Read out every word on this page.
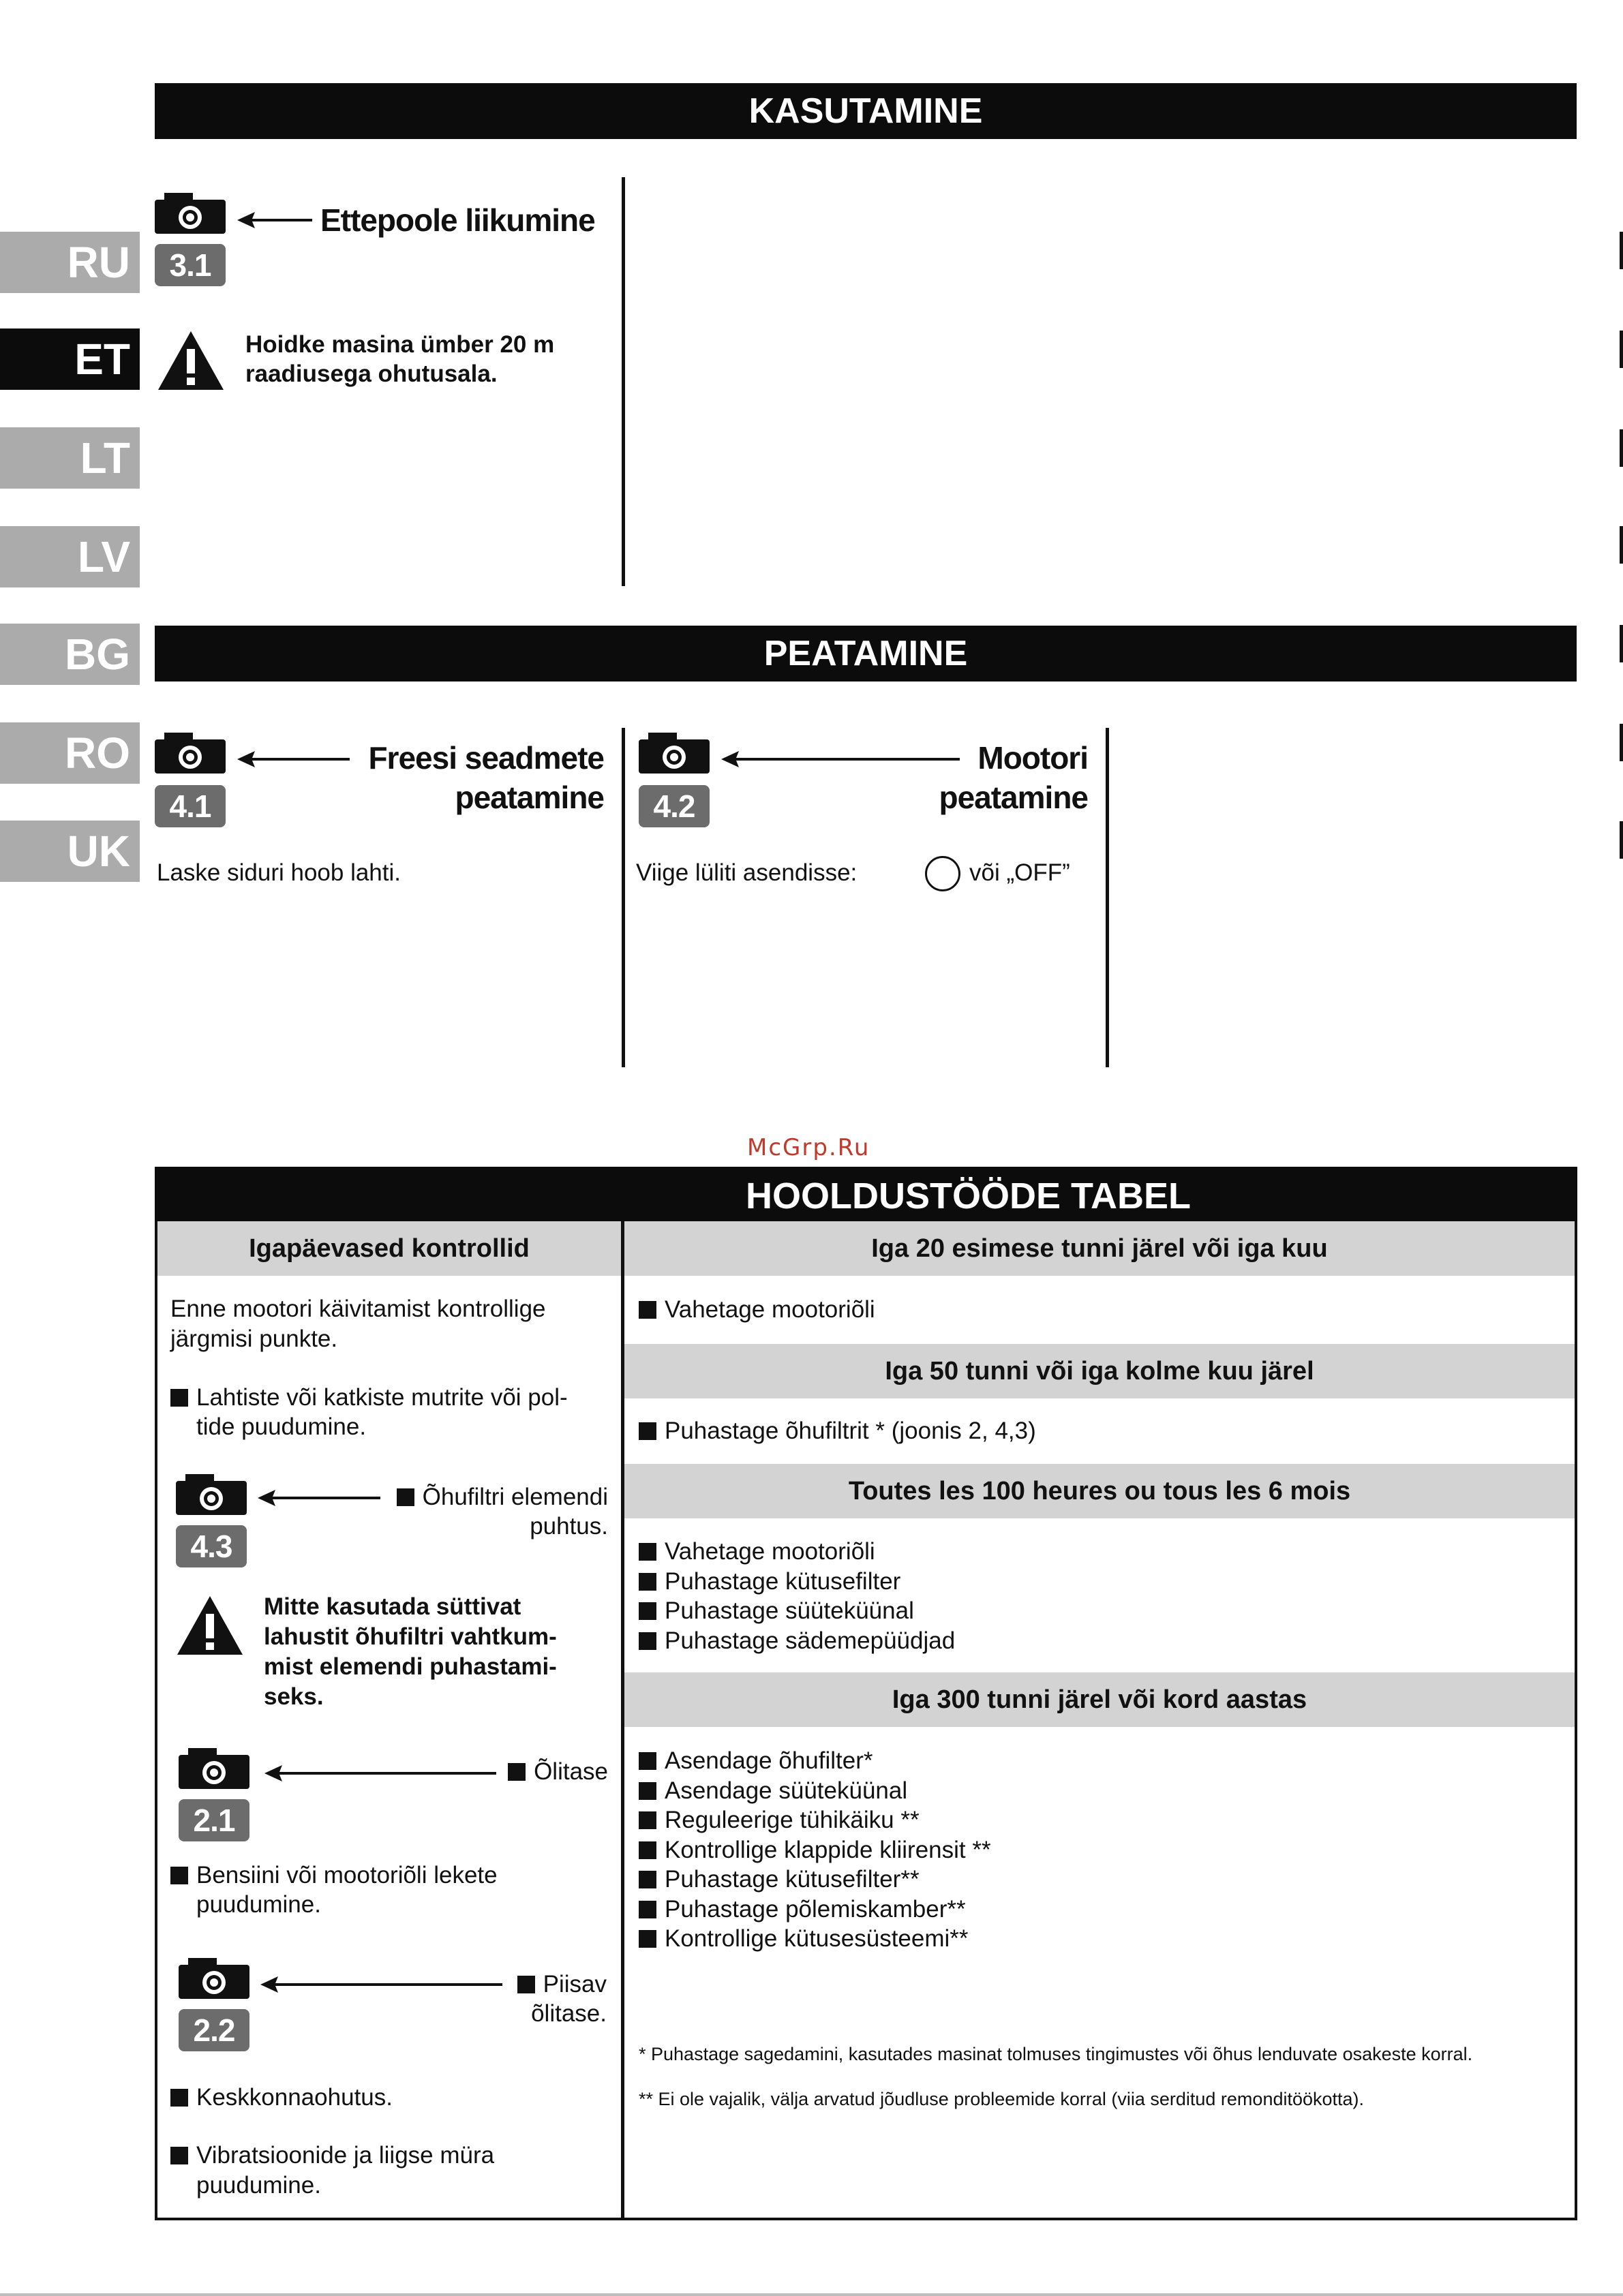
RU
ET
LT
LV
BG
RO
UK
KASUTAMINE
3.1
Ettepoole liikumine
Hoidke masina ümber 20 m
raadiusega ohutusala.
PEATAMINE
4.1
Freesi seadmete
peatamine
Laske siduri hoob lahti.
4.2
Mootori
peatamine
Viige lüliti asendisse:	või „OFF”
McGrp.Ru
HOOLDUSTÖÖDE TABEL
Igapäevased kontrollid
Enne mootori käivitamist kontrollige
järgmisi punkte.
Lahtiste või katkiste mutrite või pol-
tide puudumine.
4.3
Õhufiltri elemendi
puhtus.
Mitte kasutada süttivat
lahustit õhufiltri vahtkum-
mist elemendi puhastami-
seks.
2.1
Õlitase
Bensiini või mootoriõli lekete
puudumine.
2.2
Piisav
õlitase.
Keskkonnaohutus.
Vibratsioonide ja liigse müra
puudumine.
Iga 20 esimese tunni järel või iga kuu
Vahetage mootoriõli
Iga 50 tunni või iga kolme kuu järel
Puhastage õhufiltrit * (joonis 2, 4,3)
Toutes les 100 heures ou tous les 6 mois
Vahetage mootoriõli
Puhastage kütusefilter
Puhastage süüteküünal
Puhastage sädemepüüdjad
Iga 300 tunni järel või kord aastas
Asendage õhufilter*
Asendage süüteküünal
Reguleerige tühikäiku **
Kontrollige klappide kliirensit **
Puhastage kütusefilter**
Puhastage põlemiskamber**
Kontrollige kütusesüsteemi**
* Puhastage sagedamini, kasutades masinat tolmuses tingimustes või õhus lenduvate osakeste korral.
** Ei ole vajalik, välja arvatud jõudluse probleemide korral (viia serditud remonditöökotta).
